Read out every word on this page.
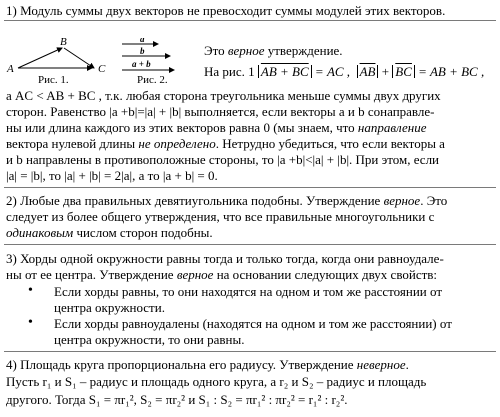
1) Модуль суммы двух векторов не превосходит суммы модулей этих векторов.
A
B
C
Рис. 1.
a
b
a + b
Рис. 2.
Это верное утверждение.
На рис. 1 AB + BC = AC , $\overline{AB} + \overline{BC}$ = AB + BC ,
а AC < AB + BC , т.к. любая сторона треугольника меньше суммы двух других
сторон. Равенство |a +b|=|a| + |b| выполняется, если векторы a и b сонаправле-
ны или длина каждого из этих векторов равна 0 (мы знаем, что направление
вектора нулевой длины не определено. Нетрудно убедиться, что если векторы a
и b направлены в противоположные стороны, то |a +b|<|a| + |b|. При этом, если
|a| = |b|, то |a| + |b| = 2|a|, а то |a + b| = 0.
2) Любые два правильных девятиугольника подобны. Утверждение верное. Это
следует из более общего утверждения, что все правильные многоугольники с
одинаковым числом сторон подобны.
3) Хорды одной окружности равны тогда и только тогда, когда они равноудале-
ны от ее центра. Утверждение верное на основании следующих двух свойств:
• Если хорды равны, то они находятся на одном и том же расстоянии от
центра окружности.
• Если хорды равноудалены (находятся на одном и том же расстоянии) от
центра окружности, то они равны.
4) Площадь круга пропорциональна его радиусу. Утверждение неверное.
Пусть r₁ и S₁ – радиус и площадь одного круга, а r₂ и S₂ – радиус и площадь
другого. Тогда S₁ = πr₁², S₂ = πr₂² и S₁ : S₂ = πr₁² : πr₂² = r₁² : r₂².
